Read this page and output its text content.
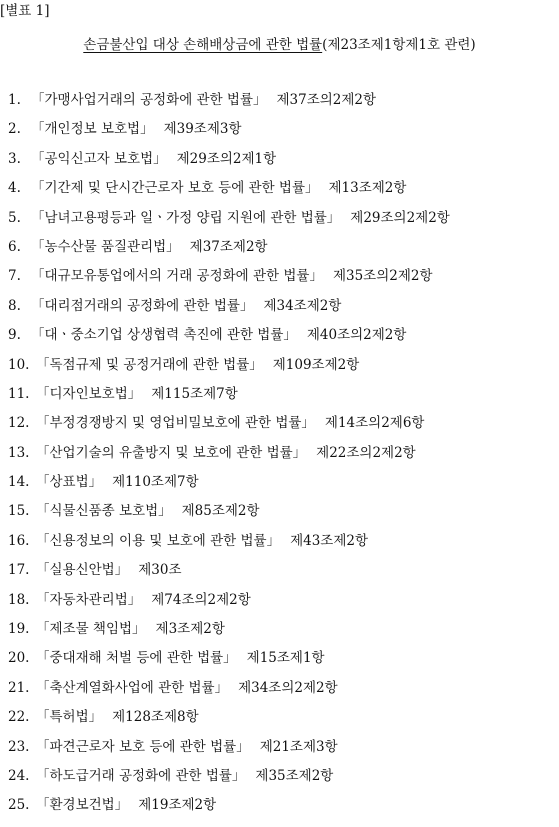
[별표 1]
손금불산입 대상 손해배상금에 관한 법률(제23조제1항제1호 관련)
1. 「가맹사업거래의 공정화에 관한 법률」 제37조의2제2항
2. 「개인정보 보호법」 제39조제3항
3. 「공익신고자 보호법」 제29조의2제1항
4. 「기간제 및 단시간근로자 보호 등에 관한 법률」 제13조제2항
5. 「남녀고용평등과 일ㆍ가정 양립 지원에 관한 법률」 제29조의2제2항
6. 「농수산물 품질관리법」 제37조제2항
7. 「대규모유통업에서의 거래 공정화에 관한 법률」 제35조의2제2항
8. 「대리점거래의 공정화에 관한 법률」 제34조제2항
9. 「대ㆍ중소기업 상생협력 촉진에 관한 법률」 제40조의2제2항
10. 「독점규제 및 공정거래에 관한 법률」 제109조제2항
11. 「디자인보호법」 제115조제7항
12. 「부정경쟁방지 및 영업비밀보호에 관한 법률」 제14조의2제6항
13. 「산업기술의 유출방지 및 보호에 관한 법률」 제22조의2제2항
14. 「상표법」 제110조제7항
15. 「식물신품종 보호법」 제85조제2항
16. 「신용정보의 이용 및 보호에 관한 법률」 제43조제2항
17. 「실용신안법」 제30조
18. 「자동차관리법」 제74조의2제2항
19. 「제조물 책임법」 제3조제2항
20. 「중대재해 처벌 등에 관한 법률」 제15조제1항
21. 「축산계열화사업에 관한 법률」 제34조의2제2항
22. 「특허법」 제128조제8항
23. 「파견근로자 보호 등에 관한 법률」 제21조제3항
24. 「하도급거래 공정화에 관한 법률」 제35조제2항
25. 「환경보건법」 제19조제2항
